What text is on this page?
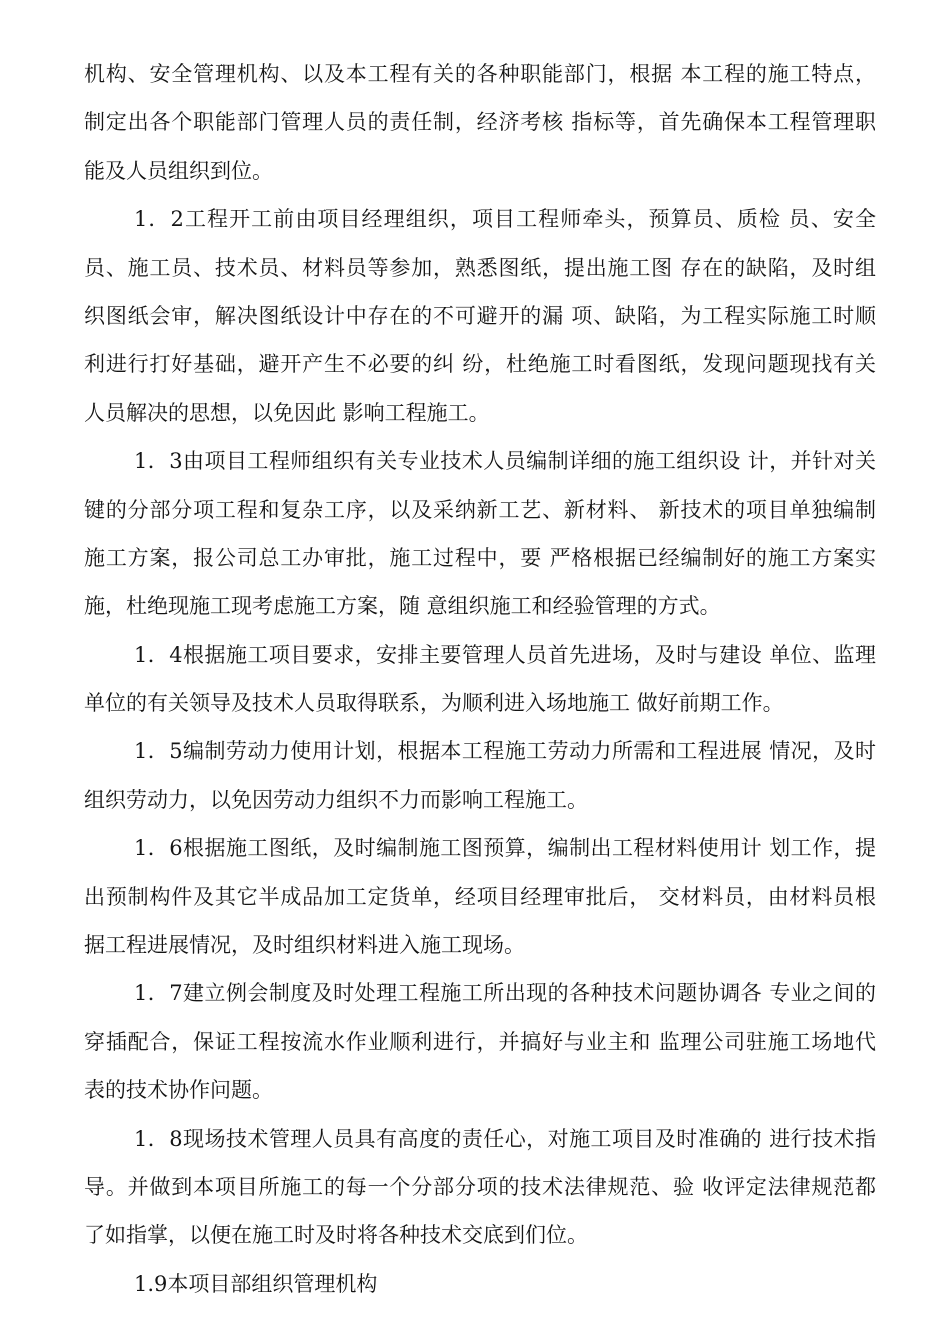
机构、安全管理机构、以及本工程有关的各种职能部门，根据 本工程的施工特点，
制定出各个职能部门管理人员的责任制，经济考核 指标等，首先确保本工程管理职
能及人员组织到位。
1．2工程开工前由项目经理组织，项目工程师牵头，预算员、质检 员、安全
员、施工员、技术员、材料员等参加，熟悉图纸，提出施工图 存在的缺陷，及时组
织图纸会审，解决图纸设计中存在的不可避开的漏 项、缺陷，为工程实际施工时顺
利进行打好基础，避开产生不必要的纠 纷，杜绝施工时看图纸，发现问题现找有关
人员解决的思想，以免因此 影响工程施工。
1．3由项目工程师组织有关专业技术人员编制详细的施工组织设 计，并针对关
键的分部分项工程和复杂工序，以及采纳新工艺、新材料、 新技术的项目单独编制
施工方案，报公司总工办审批，施工过程中，要 严格根据已经编制好的施工方案实
施，杜绝现施工现考虑施工方案，随 意组织施工和经验管理的方式。
1．4根据施工项目要求，安排主要管理人员首先进场，及时与建设 单位、监理
单位的有关领导及技术人员取得联系，为顺利进入场地施工 做好前期工作。
1．5编制劳动力使用计划，根据本工程施工劳动力所需和工程进展 情况，及时
组织劳动力，以免因劳动力组织不力而影响工程施工。
1．6根据施工图纸，及时编制施工图预算，编制出工程材料使用计 划工作，提
出预制构件及其它半成品加工定货单，经项目经理审批后， 交材料员，由材料员根
据工程进展情况，及时组织材料进入施工现场。
1．7建立例会制度及时处理工程施工所出现的各种技术问题协调各 专业之间的
穿插配合，保证工程按流水作业顺利进行，并搞好与业主和 监理公司驻施工场地代
表的技术协作问题。
1．8现场技术管理人员具有高度的责任心，对施工项目及时准确的 进行技术指
导。并做到本项目所施工的每一个分部分项的技术法律规范、验 收评定法律规范都
了如指掌，以便在施工时及时将各种技术交底到们位。
1.9本项目部组织管理机构
